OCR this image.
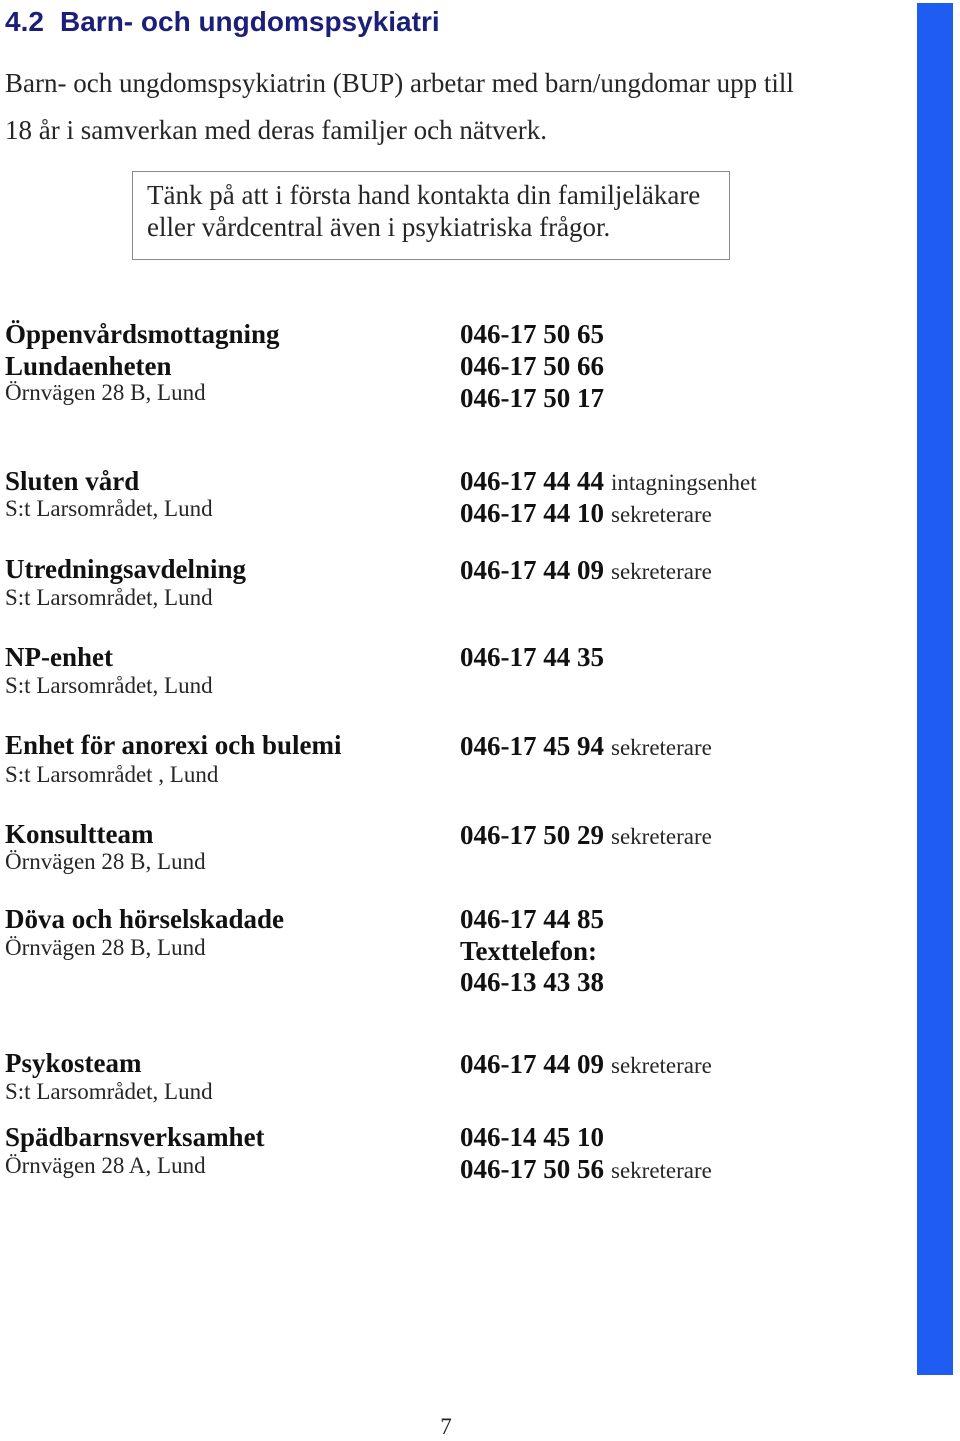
4.2 Barn- och ungdomspsykiatri
Barn- och ungdomspsykiatrin (BUP) arbetar med barn/ungdomar upp till
18 år i samverkan med deras familjer och nätverk.
Tänk på att i första hand kontakta din familjeläkare
eller vårdcentral även i psykiatriska frågor.
Öppenvårdsmottagning
Lundaenheten
Örnvägen 28 B, Lund
046-17 50 65
046-17 50 66
046-17 50 17
Sluten vård
S:t Larsområdet, Lund
046-17 44 44 intagningsenhet
046-17 44 10 sekreterare
Utredningsavdelning
S:t Larsområdet, Lund
046-17 44 09 sekreterare
NP-enhet
S:t Larsområdet, Lund
046-17 44 35
Enhet för anorexi och bulemi
S:t Larsområdet , Lund
046-17 45 94 sekreterare
Konsultteam
Örnvägen 28 B, Lund
046-17 50 29 sekreterare
Döva och hörselskadade
Örnvägen 28 B, Lund
046-17 44 85
Texttelefon:
046-13 43 38
Psykosteam
S:t Larsområdet, Lund
046-17 44 09 sekreterare
Spädbarnsverksamhet
Örnvägen 28 A, Lund
046-14 45 10
046-17 50 56 sekreterare
7
